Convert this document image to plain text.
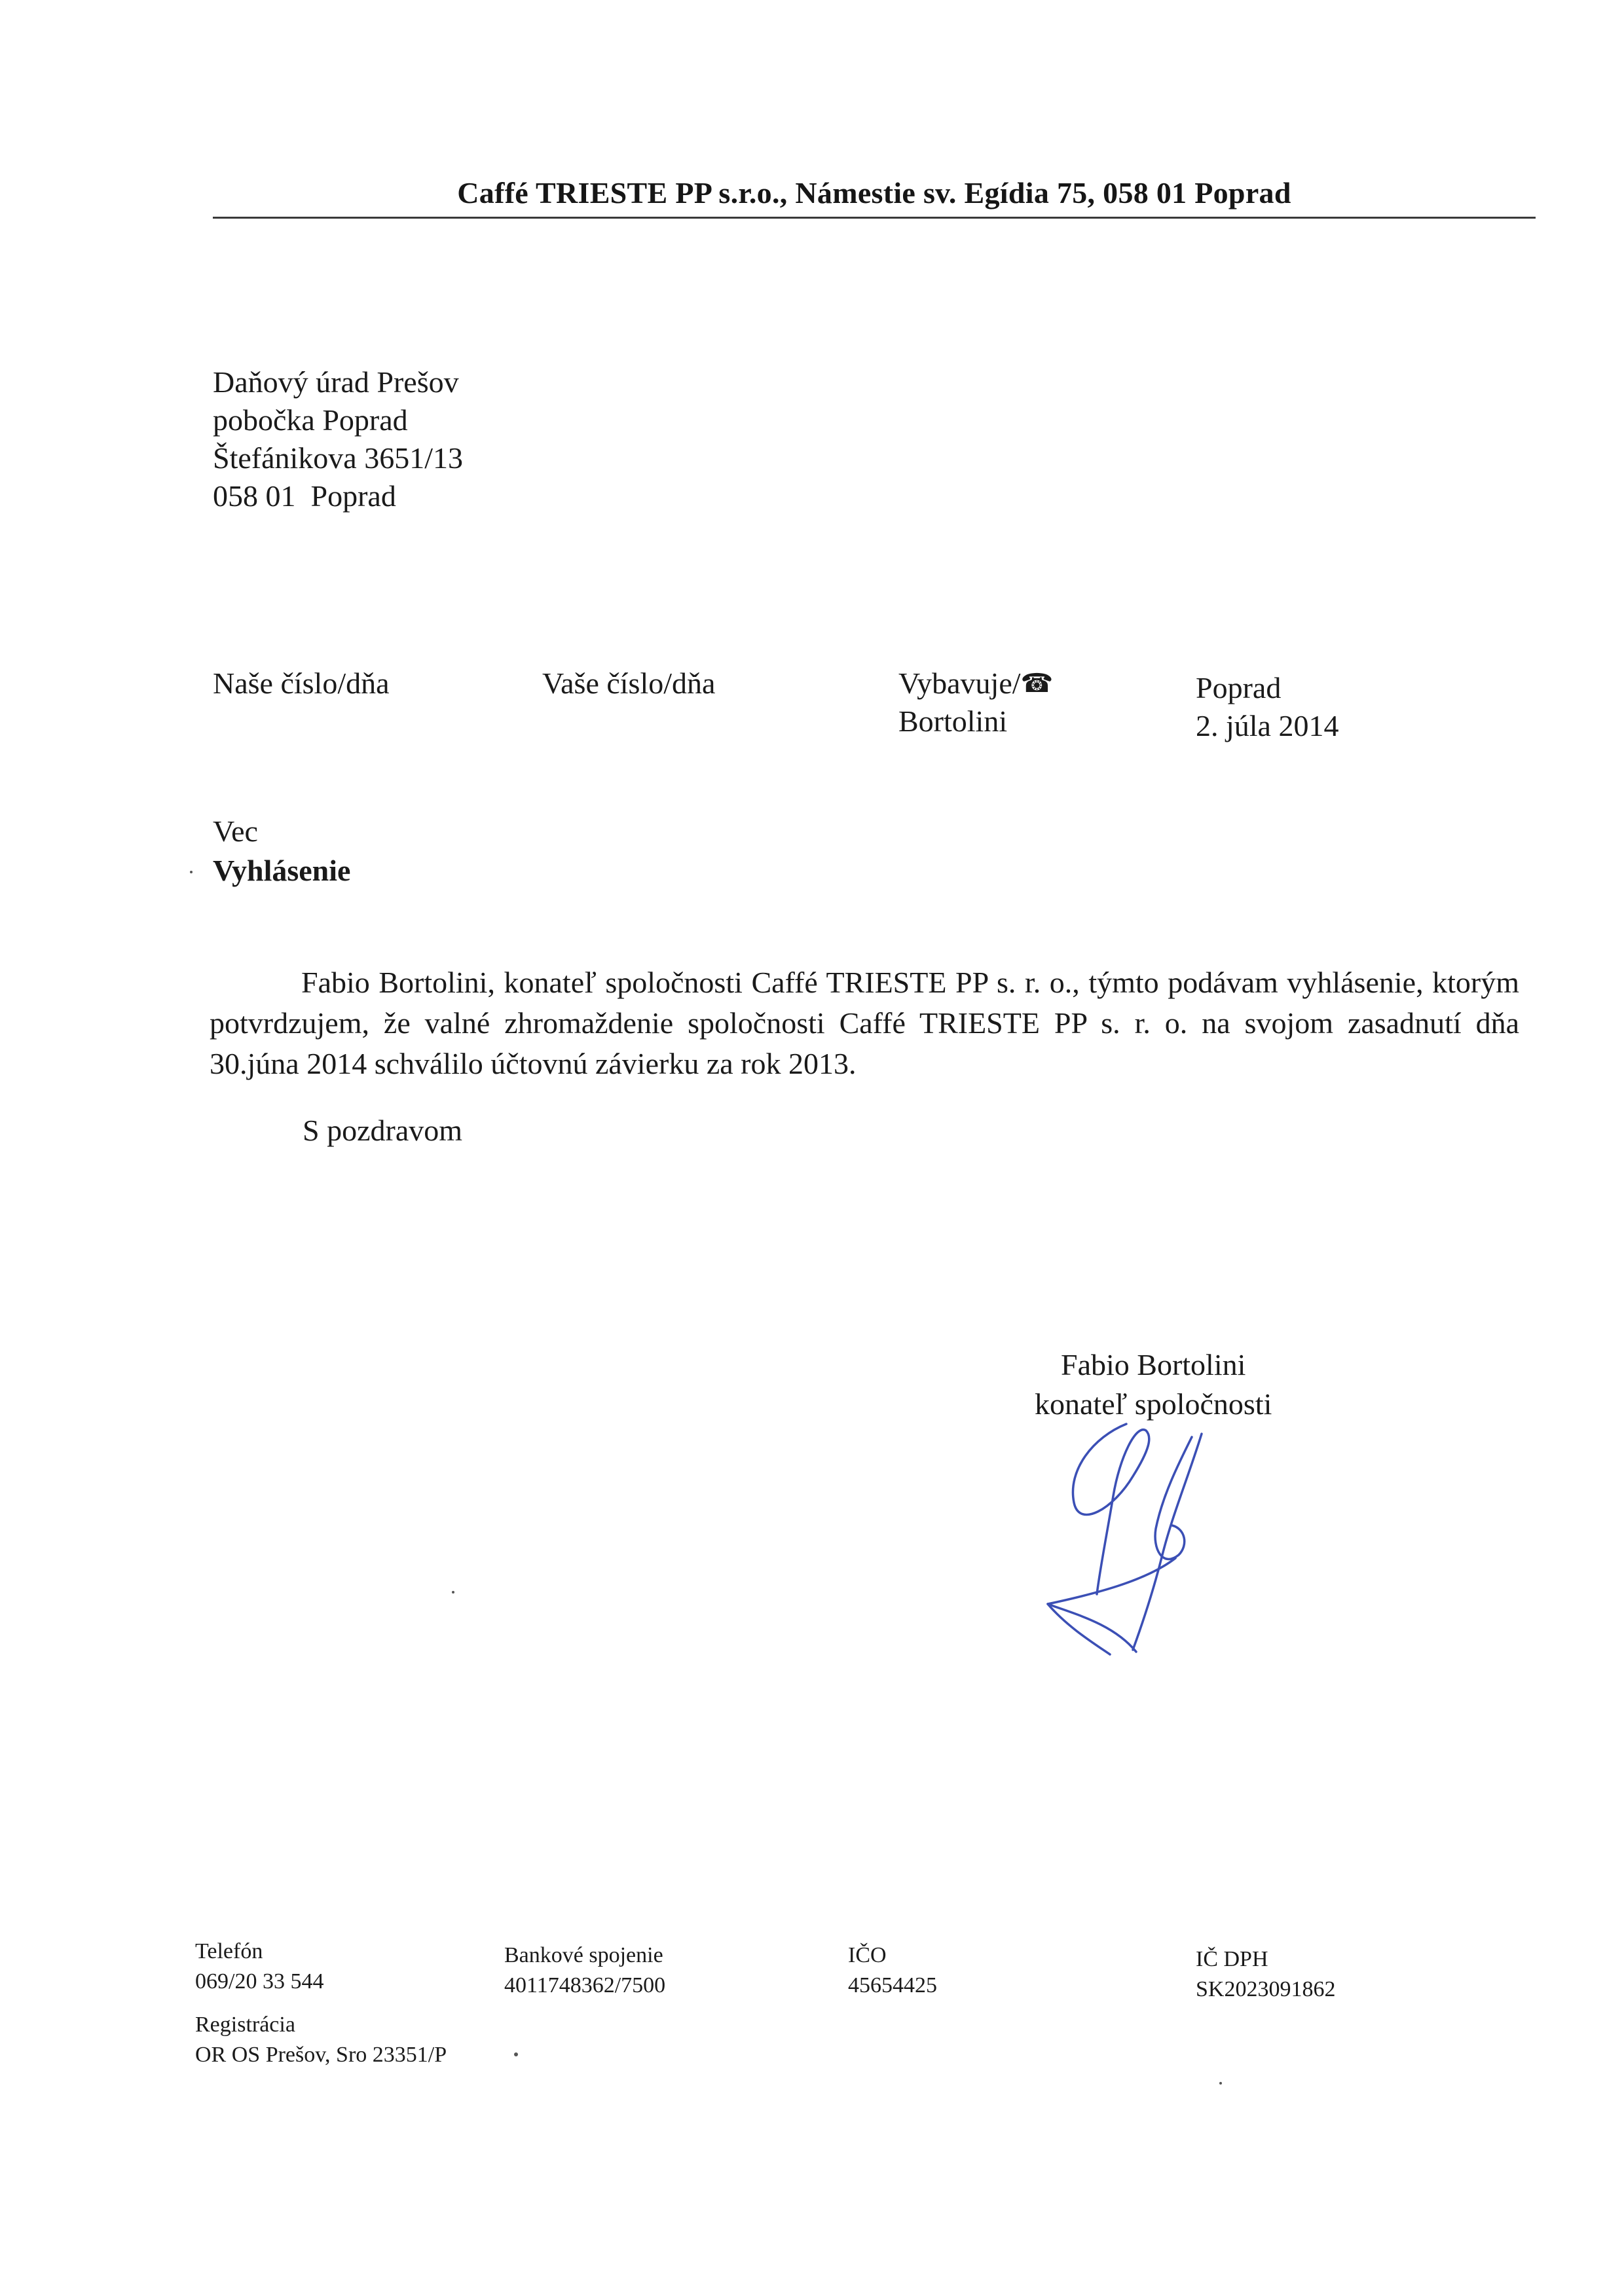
Caffé TRIESTE PP s.r.o., Námestie sv. Egídia 75, 058 01 Poprad
Daňový úrad Prešov
pobočka Poprad
Štefánikova 3651/13
058 01  Poprad
Naše číslo/dňa	Vaše číslo/dňa	Vybavuje/☎
Bortolini
Poprad
2. júla 2014
Vec
Vyhlásenie
Fabio Bortolini, konateľ spoločnosti Caffé TRIESTE PP s. r. o., týmto podávam vyhlásenie, ktorým potvrdzujem, že valné zhromaždenie spoločnosti Caffé TRIESTE PP s. r. o. na svojom zasadnutí dňa 30.júna 2014 schválilo účtovnú závierku za rok 2013.
S pozdravom
Fabio Bortolini
konateľ spoločnosti
Telefón
069/20 33 544
Bankové spojenie
4011748362/7500
IČO
45654425
IČ DPH
SK2023091862
Registrácia
OR OS Prešov, Sro 23351/P
